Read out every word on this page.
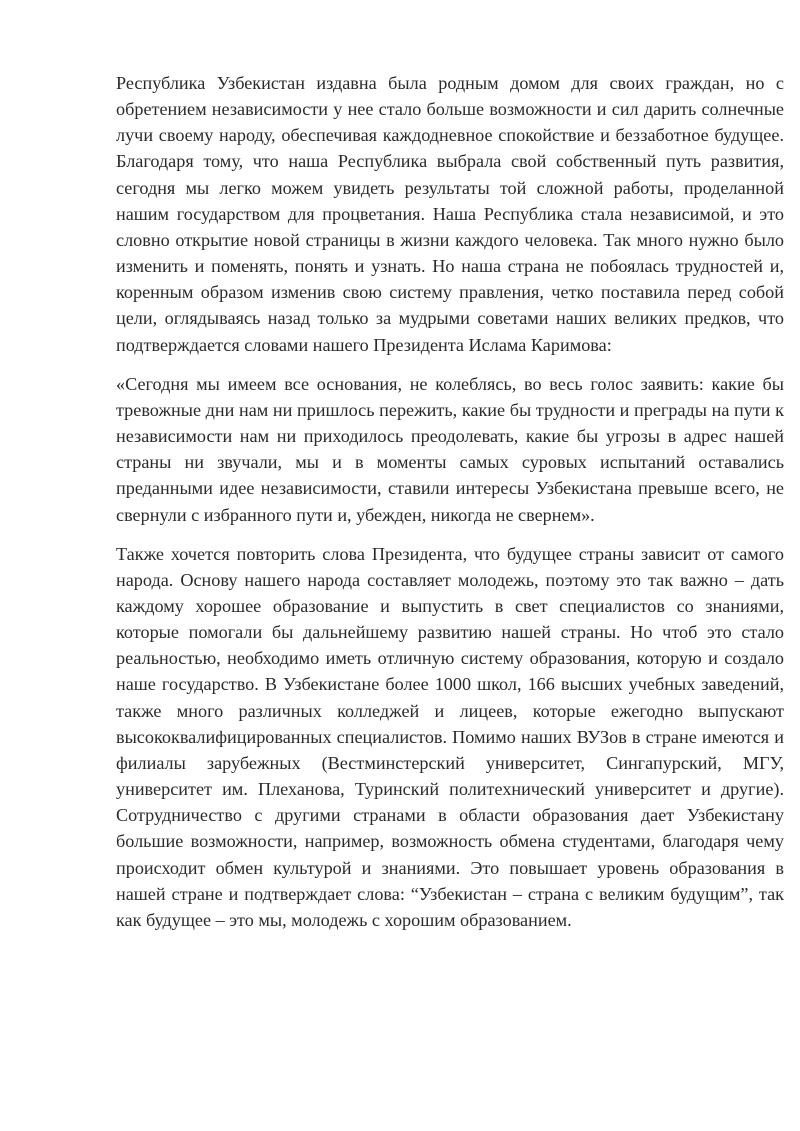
Республика Узбекистан издавна была родным домом для своих граждан, но с обретением независимости у нее стало больше возможности и сил дарить солнечные лучи своему народу, обеспечивая каждодневное спокойствие и беззаботное будущее. Благодаря тому, что наша Республика выбрала свой собственный путь развития, сегодня мы легко можем увидеть результаты той сложной работы, проделанной нашим государством для процветания. Наша Республика стала независимой, и это словно открытие новой страницы в жизни каждого человека. Так много нужно было изменить и поменять, понять и узнать. Но наша страна не побоялась трудностей и, коренным образом изменив свою систему правления, четко поставила перед собой цели, оглядываясь назад только за мудрыми советами наших великих предков, что подтверждается словами нашего Президента Ислама Каримова:

«Сегодня мы имеем все основания, не колеблясь, во весь голос заявить: какие бы тревожные дни нам ни пришлось пережить, какие бы трудности и преграды на пути к независимости нам ни приходилось преодолевать, какие бы угрозы в адрес нашей страны ни звучали, мы и в моменты самых суровых испытаний оставались преданными идее независимости, ставили интересы Узбекистана превыше всего, не свернули с избранного пути и, убежден, никогда не свернем».

Также хочется повторить слова Президента, что будущее страны зависит от самого народа. Основу нашего народа составляет молодежь, поэтому это так важно – дать каждому хорошее образование и выпустить в свет специалистов со знаниями, которые помогали бы дальнейшему развитию нашей страны. Но чтоб это стало реальностью, необходимо иметь отличную систему образования, которую и создало наше государство. В Узбекистане более 1000 школ, 166 высших учебных заведений, также много различных колледжей и лицеев, которые ежегодно выпускают высококвалифицированных специалистов. Помимо наших ВУЗов в стране имеются и филиалы зарубежных (Вестминстерский университет, Сингапурский, МГУ, университет им. Плеханова, Туринский политехнический университет и другие). Сотрудничество с другими странами в области образования дает Узбекистану большие возможности, например, возможность обмена студентами, благодаря чему происходит обмен культурой и знаниями. Это повышает уровень образования в нашей стране и подтверждает слова: “Узбекистан – страна с великим будущим”, так как будущее – это мы, молодежь с хорошим образованием.
